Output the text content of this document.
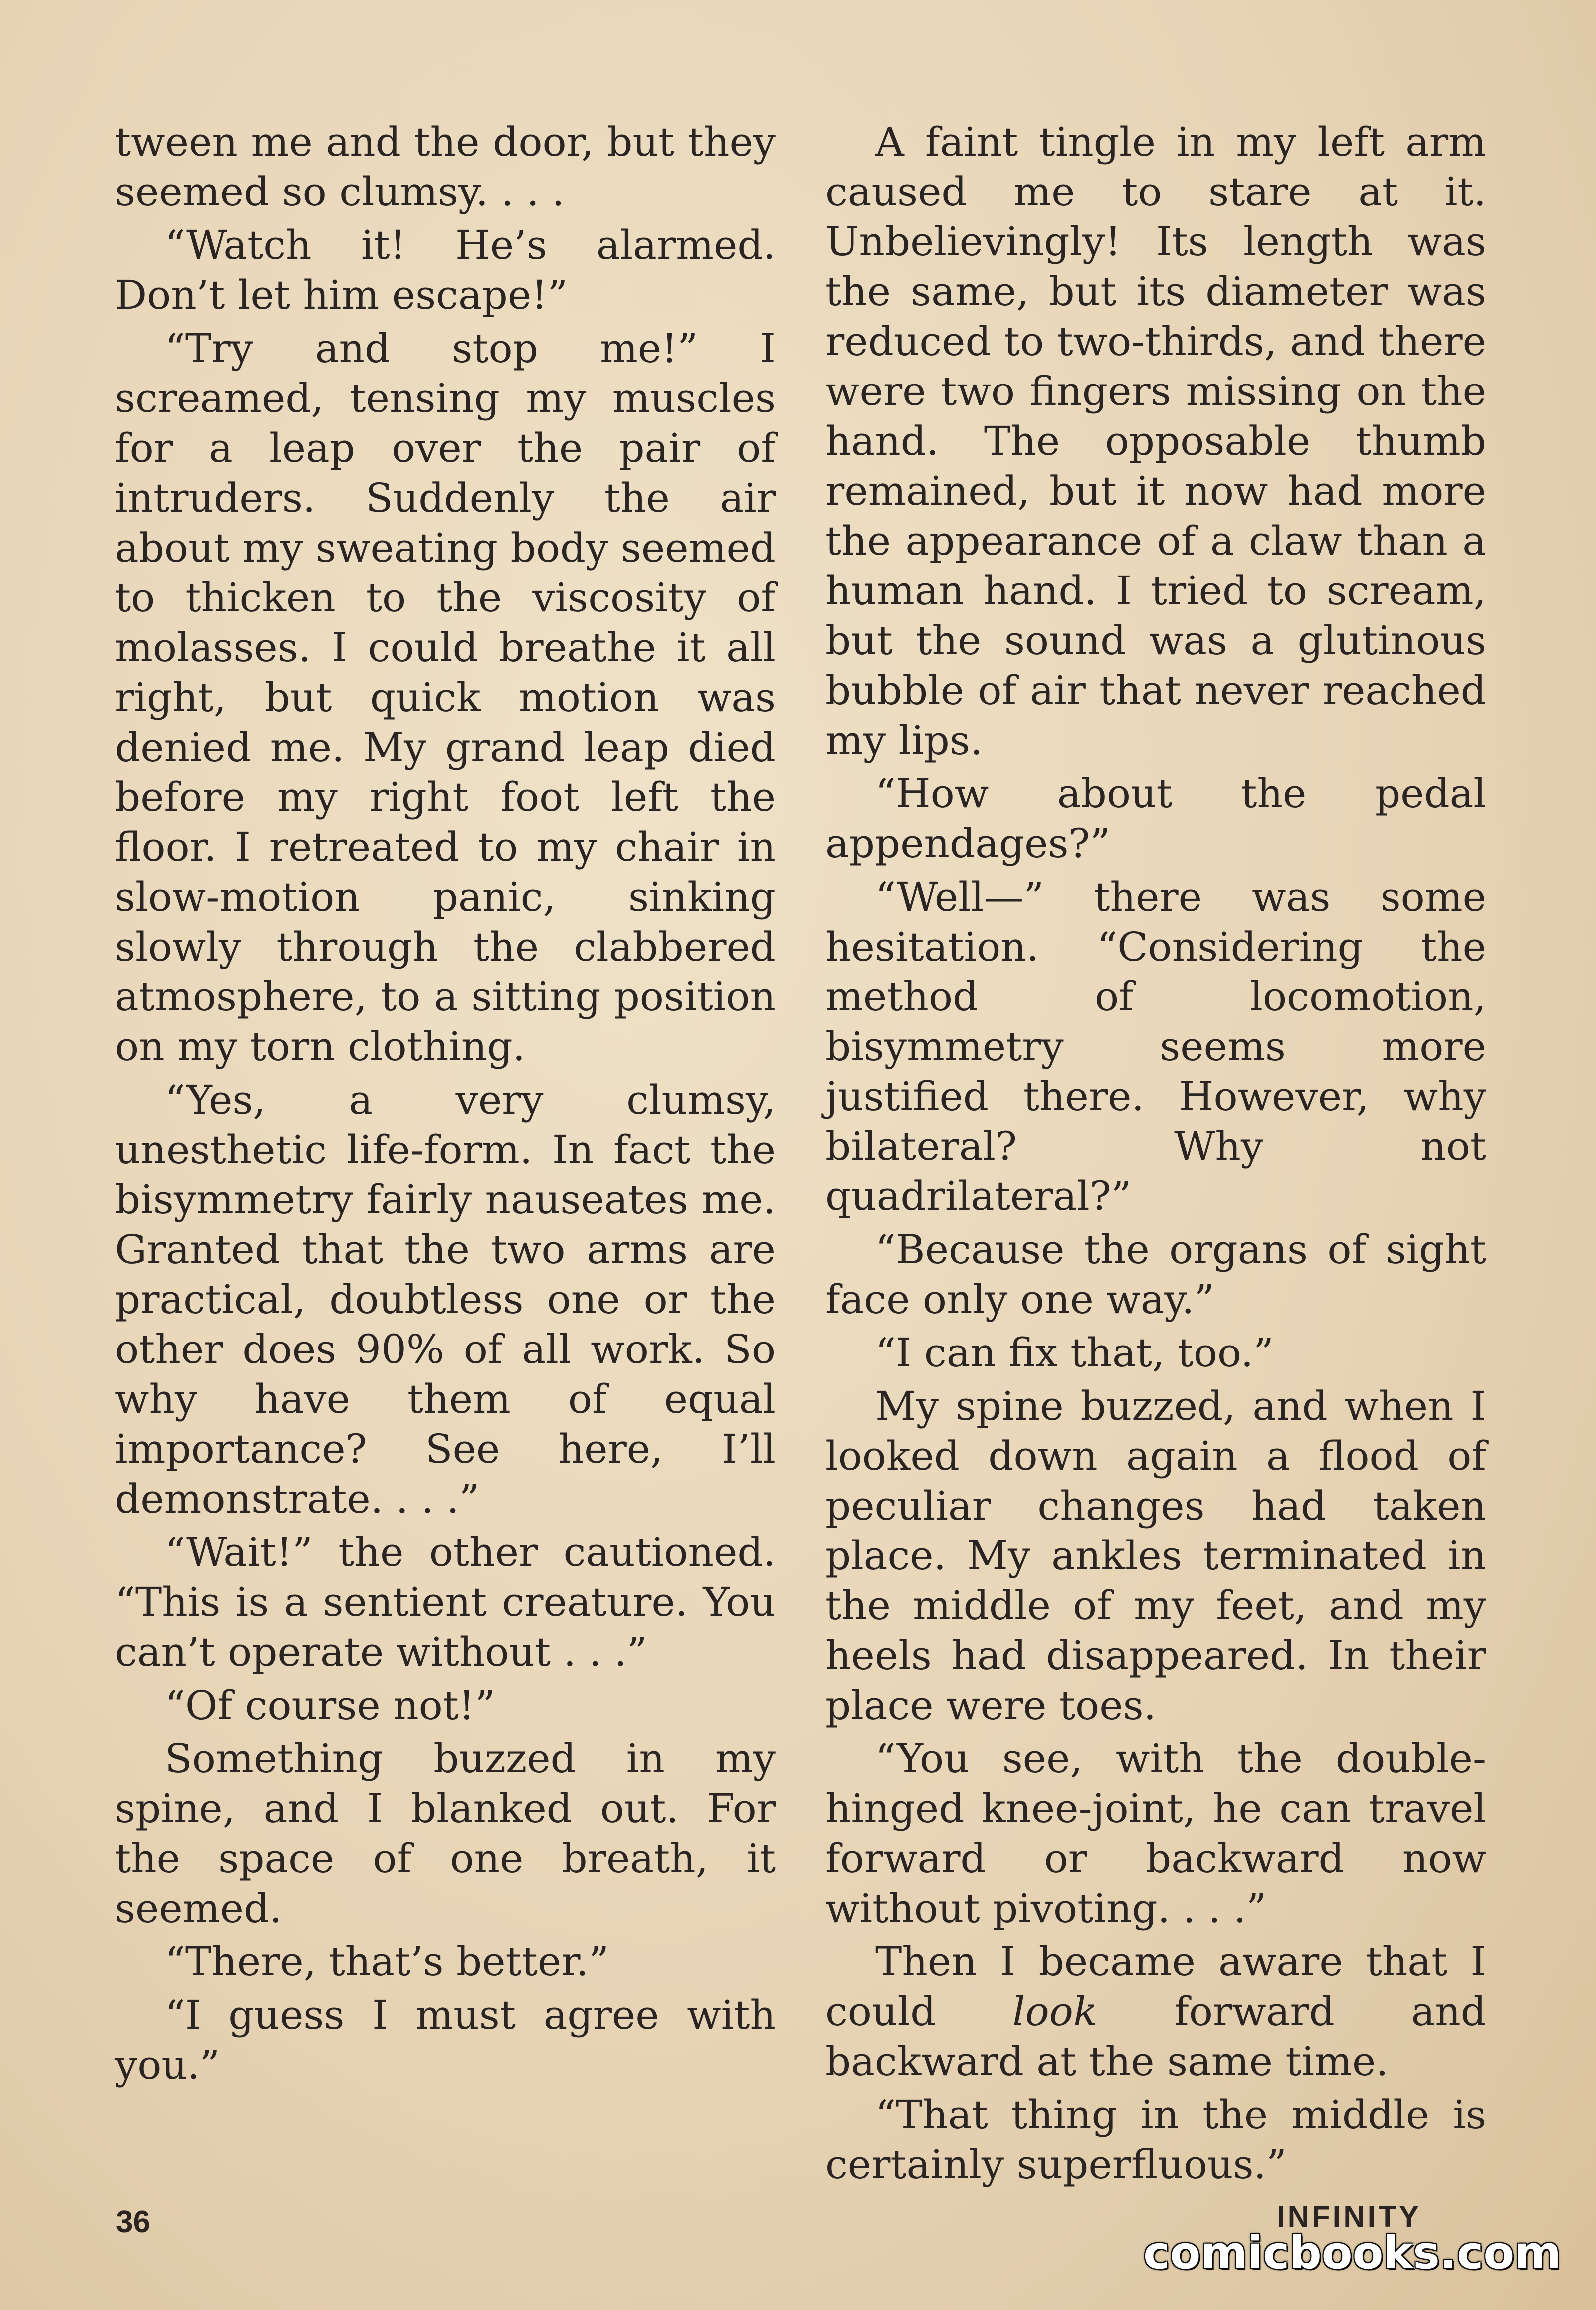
tween me and the door, but they seemed so clumsy. . . .

“Watch it! He’s alarmed. Don’t let him escape!”

“Try and stop me!” I screamed, tensing my muscles for a leap over the pair of intruders. Suddenly the air about my sweating body seemed to thicken to the viscosity of molasses. I could breathe it all right, but quick motion was denied me. My grand leap died before my right foot left the floor. I retreated to my chair in slow-motion panic, sinking slowly through the clabbered atmosphere, to a sitting position on my torn clothing.

“Yes, a very clumsy, unesthetic life-form. In fact the bisymmetry fairly nauseates me. Granted that the two arms are practical, doubtless one or the other does 90% of all work. So why have them of equal importance? See here, I’ll demonstrate. . . .”

“Wait!” the other cautioned. “This is a sentient creature. You can’t operate without . . .”

“Of course not!”

Something buzzed in my spine, and I blanked out. For the space of one breath, it seemed.

“There, that’s better.”

“I guess I must agree with you.”

A faint tingle in my left arm caused me to stare at it. Unbelievingly! Its length was the same, but its diameter was reduced to two-thirds, and there were two fingers missing on the hand. The opposable thumb remained, but it now had more the appearance of a claw than a human hand. I tried to scream, but the sound was a glutinous bubble of air that never reached my lips.

“How about the pedal appendages?”

“Well—” there was some hesitation. “Considering the method of locomotion, bisymmetry seems more justified there. However, why bilateral? Why not quadrilateral?”

“Because the organs of sight face only one way.”

“I can fix that, too.”

My spine buzzed, and when I looked down again a flood of peculiar changes had taken place. My ankles terminated in the middle of my feet, and my heels had disappeared. In their place were toes.

“You see, with the double-hinged knee-joint, he can travel forward or backward now without pivoting. . . .”

Then I became aware that I could look forward and backward at the same time.

“That thing in the middle is certainly superfluous.”

36	INFINITY
comicbooks.com
